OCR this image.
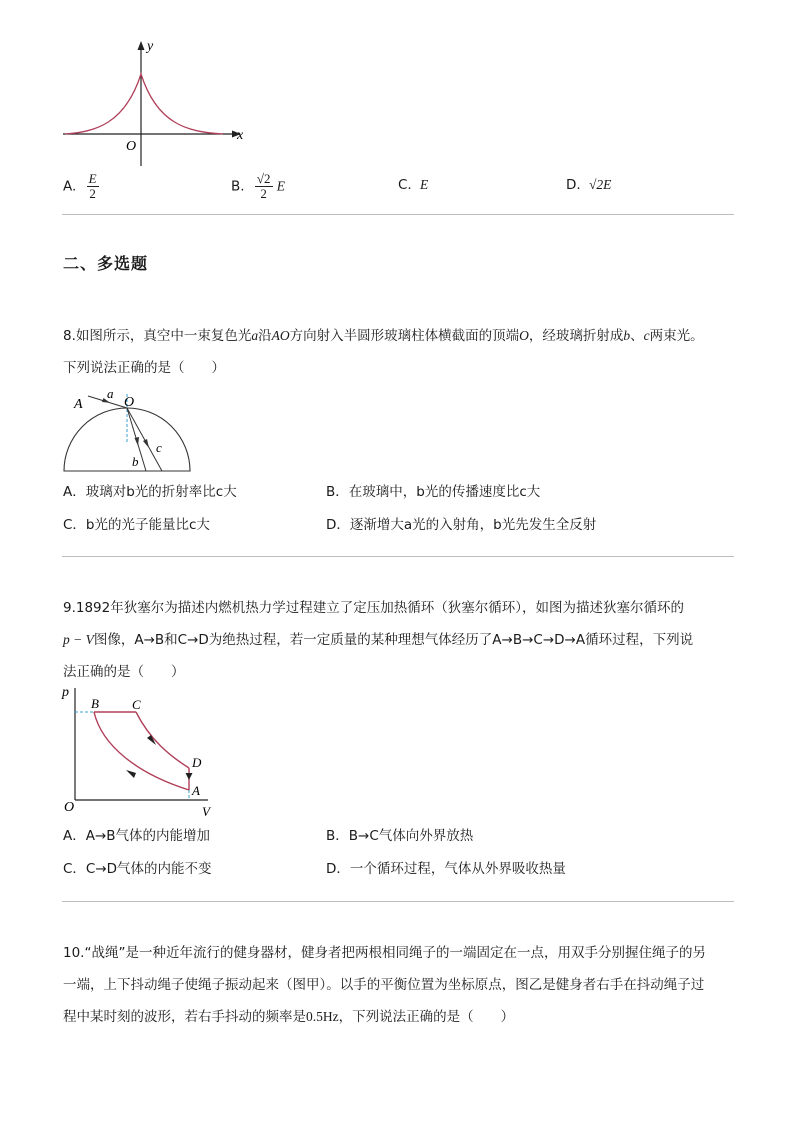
y
x
O
A. $\frac{E}{2}$	B. $\frac{√2}{2}$ E	C. E	D. √2E
二、多选题
8.如图所示，真空中一束复色光a沿AO方向射入半圆形玻璃柱体横截面的顶端O，经玻璃折射成b、c两束光。
下列说法正确的是（　　）
A
a
O
b
c
A．玻璃对b光的折射率比c大	B．在玻璃中，b光的传播速度比c大
C．b光的光子能量比c大	D．逐渐增大a光的入射角，b光先发生全反射
9.1892年狄塞尔为描述内燃机热力学过程建立了定压加热循环（狄塞尔循环），如图为描述狄塞尔循环的
p − V图像，A→B和C→D为绝热过程，若一定质量的某种理想气体经历了A→B→C→D→A循环过程，下列说
法正确的是（　　）
p
V
O
B	C
D
A
A．A→B气体的内能增加	B．B→C气体向外界放热
C．C→D气体的内能不变	D．一个循环过程，气体从外界吸收热量
10.“战绳”是一种近年流行的健身器材，健身者把两根相同绳子的一端固定在一点，用双手分别握住绳子的另
一端，上下抖动绳子使绳子振动起来（图甲）。以手的平衡位置为坐标原点，图乙是健身者右手在抖动绳子过
程中某时刻的波形，若右手抖动的频率是0.5Hz，下列说法正确的是（　　）
